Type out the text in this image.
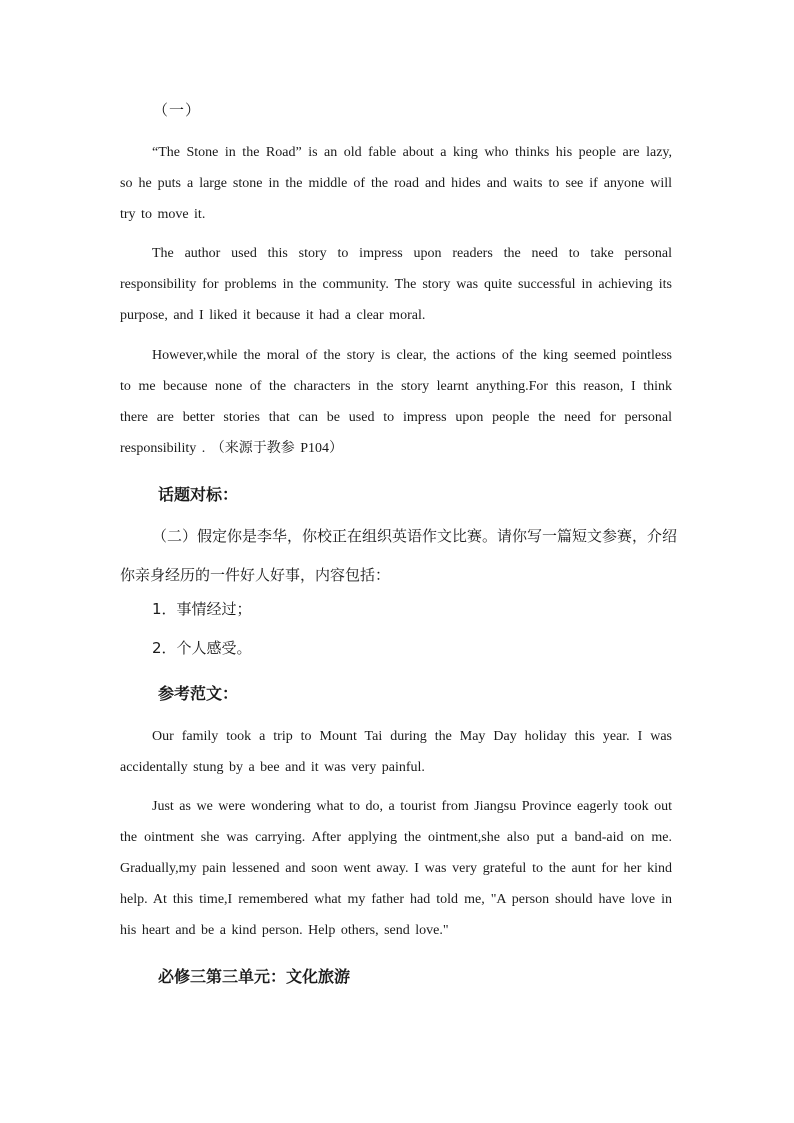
（一）
“The Stone in the Road” is an old fable about a king who thinks his people are lazy, so he puts a large stone in the middle of the road and hides and waits to see if anyone will try to move it.
The author used this story to impress upon readers the need to take personal responsibility for problems in the community. The story was quite successful in achieving its purpose, and I liked it because it had a clear moral.
However,while the moral of the story is clear, the actions of the king seemed pointless to me because none of the characters in the story learnt anything.For this reason, I think there are better stories that can be used to impress upon people the need for personal responsibility . （来源于教参 P104）
话题对标：
（二）假定你是李华，你校正在组织英语作文比赛。请你写一篇短文参赛，介绍你亲身经历的一件好人好事，内容包括：
1．事情经过；
2．个人感受。
参考范文：
Our family took a trip to Mount Tai during the May Day holiday this year. I was accidentally stung by a bee and it was very painful.
Just as we were wondering what to do, a tourist from Jiangsu Province eagerly took out the ointment she was carrying. After applying the ointment,she also put a band-aid on me. Gradually,my pain lessened and soon went away. I was very grateful to the aunt for her kind help. At this time,I remembered what my father had told me, "A person should have love in his heart and be a kind person. Help others, send love."
必修三第三单元：文化旅游
